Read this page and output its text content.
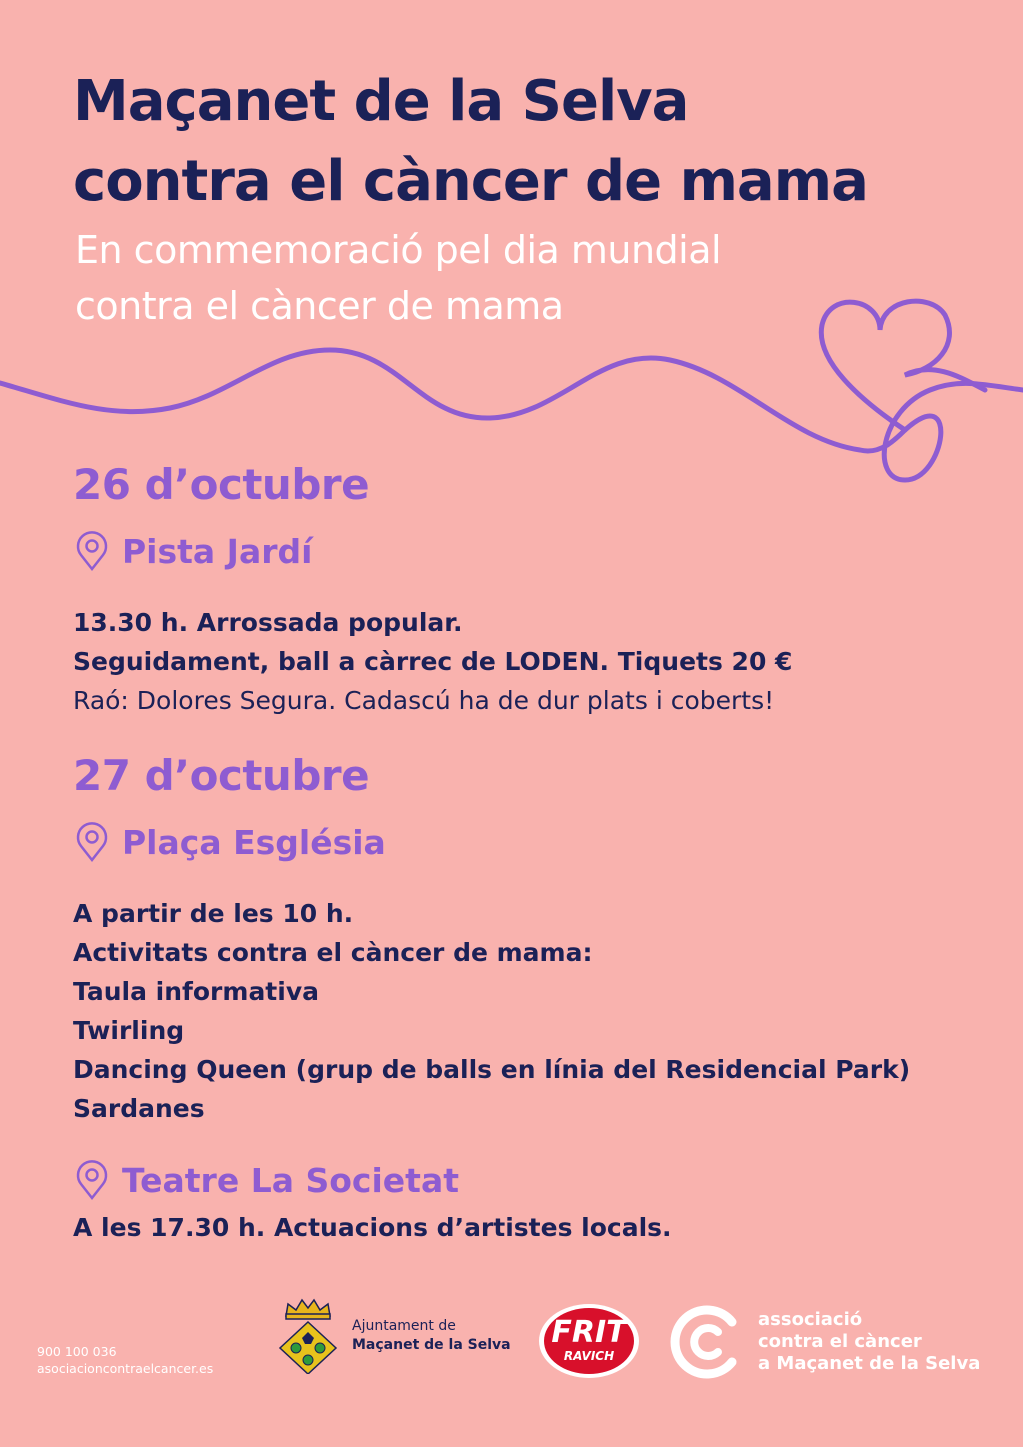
Maçanet de la Selva
contra el càncer de mama

En commemoració pel dia mundial
contra el càncer de mama

26 d’octubre
Pista Jardí
13.30 h. Arrossada popular.
Seguidament, ball a càrrec de LODEN. Tiquets 20 €
Raó: Dolores Segura. Cadascú ha de dur plats i coberts!
27 d’octubre
Plaça Església
A partir de les 10 h.
Activitats contra el càncer de mama:
Taula informativa
Twirling
Dancing Queen (grup de balls en línia del Residencial Park)
Sardanes
Teatre La Societat
A les 17.30 h. Actuacions d’artistes locals.
900 100 036
asociacioncontraelcancer.es
Ajuntament de
Maçanet de la Selva FRIT
RAVICH
associació
contra el càncer
a Maçanet de la Selva
